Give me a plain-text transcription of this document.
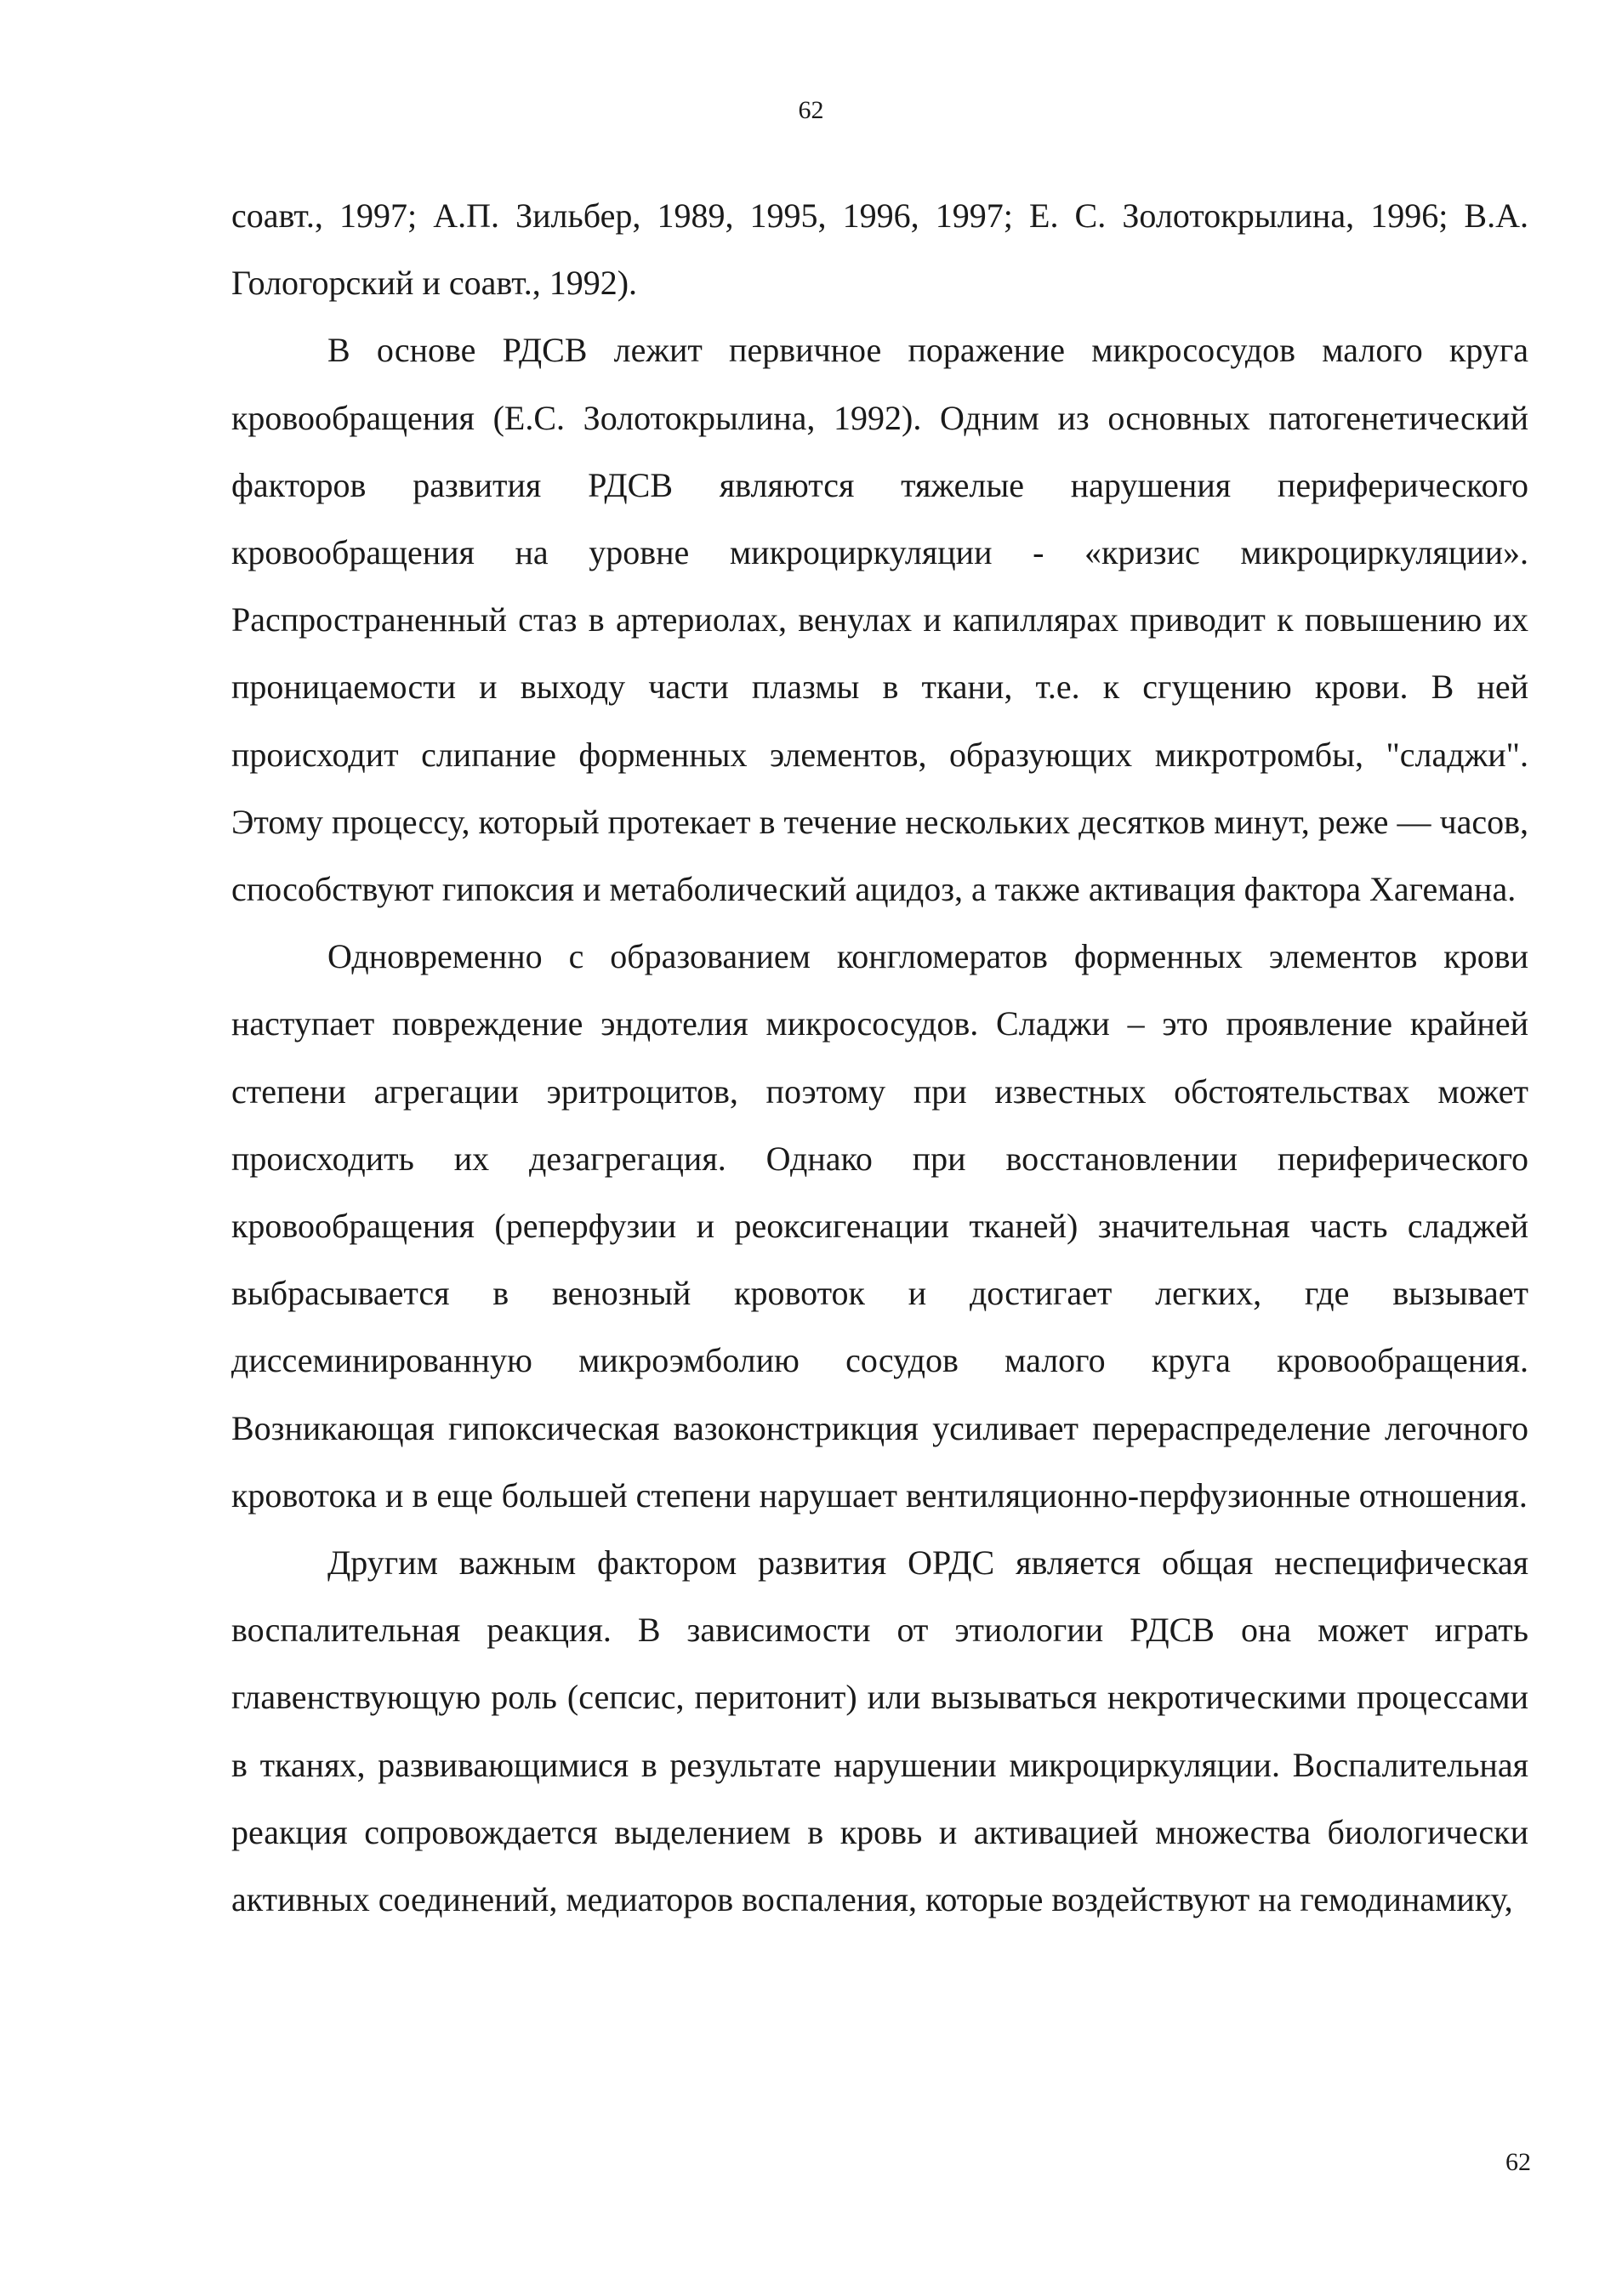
62

соавт., 1997; А.П. Зильбер, 1989, 1995, 1996, 1997; Е. С. Золотокрылина, 1996; В.А. Гологорский и соавт., 1992).

В основе РДСВ лежит первичное поражение микрососудов малого круга кровообращения (Е.С. Золотокрылина, 1992). Одним из основных патогенетический факторов развития РДСВ являются тяжелые нарушения периферического кровообращения на уровне микроциркуляции - «кризис микроциркуляции». Распространенный стаз в артериолах, венулах и капиллярах приводит к повышению их проницаемости и выходу части плазмы в ткани, т.е. к сгущению крови. В ней происходит слипание форменных элементов, образующих микротромбы, "сладжи". Этому процессу, который протекает в течение нескольких десятков минут, реже — часов, способствуют гипоксия и метаболический ацидоз, а также активация фактора Хагемана.

Одновременно с образованием конгломератов форменных элементов крови наступает повреждение эндотелия микрососудов. Сладжи – это проявление крайней степени агрегации эритроцитов, поэтому при известных обстоятельствах может происходить их дезагрегация. Однако при восстановлении периферического кровообращения (реперфузии и реоксигенации тканей) значительная часть сладжей выбрасывается в венозный кровоток и достигает легких, где вызывает диссеминированную микроэмболию сосудов малого круга кровообращения. Возникающая гипоксическая вазоконстрикция усиливает перераспределение легочного кровотока и в еще большей степени нарушает вентиляционно-перфузионные отношения.

Другим важным фактором развития ОРДС является общая неспецифическая воспалительная реакция. В зависимости от этиологии РДСВ она может играть главенствующую роль (сепсис, перитонит) или вызываться некротическими процессами в тканях, развивающимися в результате нарушении микроциркуляции. Воспалительная реакция сопровождается выделением в кровь и активацией множества биологически активных соединений, медиаторов воспаления, которые воздействуют на гемодинамику,

62
